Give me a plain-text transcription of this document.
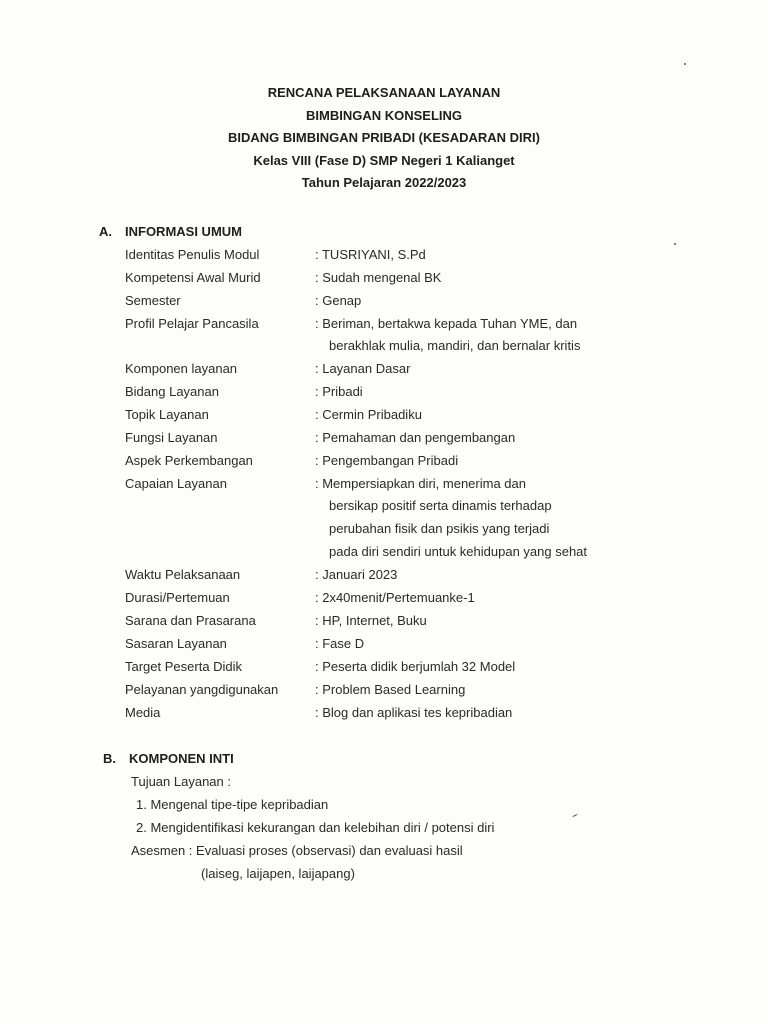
RENCANA PELAKSANAAN LAYANAN
BIMBINGAN KONSELING
BIDANG BIMBINGAN PRIBADI (KESADARAN DIRI)
Kelas VIII (Fase D) SMP Negeri 1 Kalianget
Tahun Pelajaran 2022/2023
A. INFORMASI UMUM
Identitas Penulis Modul	: TUSRIYANI, S.Pd
Kompetensi Awal Murid	: Sudah mengenal BK
Semester	: Genap
Profil Pelajar Pancasila	: Beriman, bertakwa kepada Tuhan YME, dan
berakhlak mulia, mandiri, dan bernalar kritis
Komponen layanan	: Layanan Dasar
Bidang Layanan	: Pribadi
Topik Layanan	: Cermin Pribadiku
Fungsi Layanan	: Pemahaman dan pengembangan
Aspek Perkembangan	: Pengembangan Pribadi
Capaian Layanan	: Mempersiapkan diri, menerima dan
bersikap positif serta dinamis terhadap
perubahan fisik dan psikis yang terjadi
pada diri sendiri untuk kehidupan yang sehat
Waktu Pelaksanaan	: Januari 2023
Durasi/Pertemuan	: 2x40menit/Pertemuanke-1
Sarana dan Prasarana	: HP, Internet, Buku
Sasaran Layanan	: Fase D
Target Peserta Didik	: Peserta didik berjumlah 32 Model
Pelayanan yangdigunakan	: Problem Based Learning
Media	: Blog dan aplikasi tes kepribadian
B. KOMPONEN INTI
Tujuan Layanan :
1. Mengenal tipe-tipe kepribadian
2. Mengidentifikasi kekurangan dan kelebihan diri / potensi diri
Asesmen : Evaluasi proses (observasi) dan evaluasi hasil
(laiseg, laijapen, laijapang)
